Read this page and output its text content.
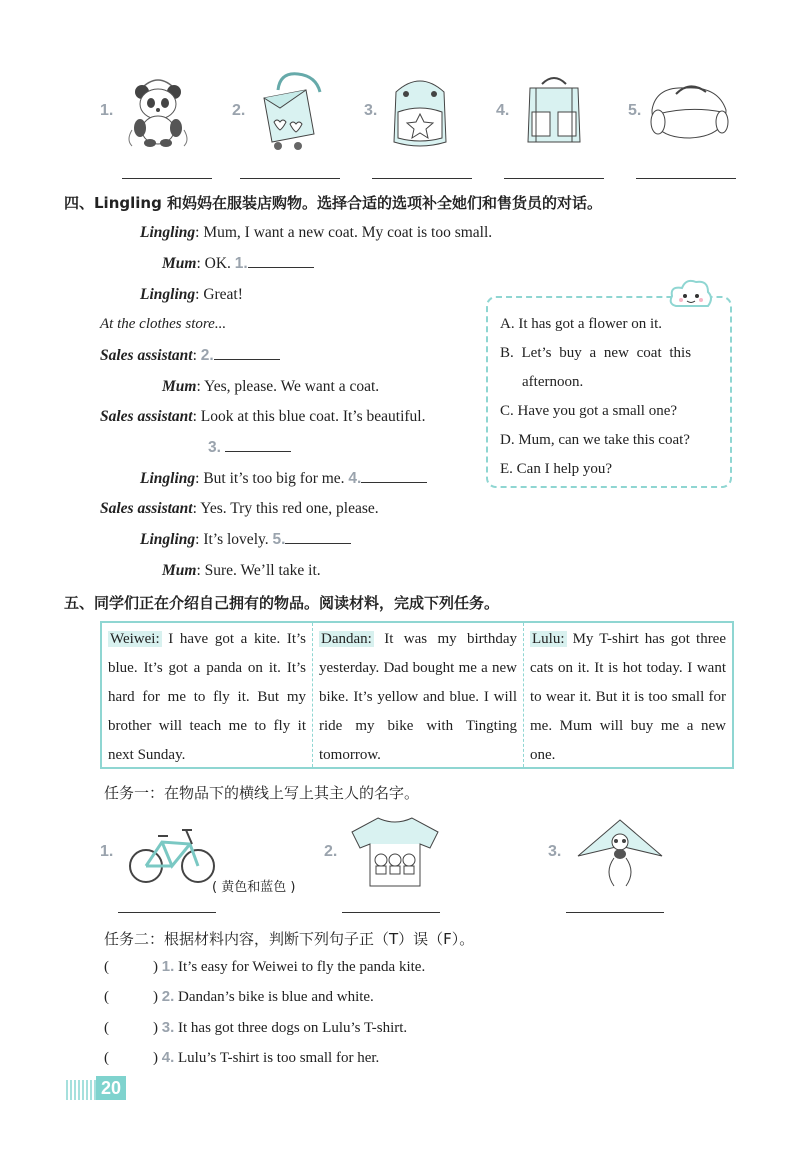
1.	2.	3.	4.	5.
四、Lingling 和妈妈在服装店购物。选择合适的选项补全她们和售货员的对话。
Lingling: Mum, I want a new coat. My coat is too small.
Mum: OK. 1.
Lingling: Great!
At the clothes store...
Sales assistant: 2.
Mum: Yes, please. We want a coat.
Sales assistant: Look at this blue coat. It’s beautiful.
3.
Lingling: But it’s too big for me. 4.
Sales assistant: Yes. Try this red one, please.
Lingling: It’s lovely. 5.
Mum: Sure. We’ll take it.
A. It has got a flower on it.
B. Let’s buy a new coat this
afternoon.
C. Have you got a small one?
D. Mum, can we take this coat?
E. Can I help you?
五、同学们正在介绍自己拥有的物品。阅读材料，完成下列任务。
Weiwei: I have got a kite. It’s blue. It’s got a panda on it. It’s hard for me to fly it. But my brother will teach me to fly it next Sunday.
Dandan: It was my birthday yesterday. Dad bought me a new bike. It’s yellow and blue. I will ride my bike with Tingting tomorrow.
Lulu: My T-shirt has got three cats on it. It is hot today. I want to wear it. But it is too small for me. Mum will buy me a new one.
任务一：在物品下的横线上写上其主人的名字。
1.
( 黄色和蓝色 )
2.	3.
任务二：根据材料内容，判断下列句子正（T）误（F）。
(	) 1. It’s easy for Weiwei to fly the panda kite.
(	) 2. Dandan’s bike is blue and white.
(	) 3. It has got three dogs on Lulu’s T-shirt.
(	) 4. Lulu’s T-shirt is too small for her.
20
